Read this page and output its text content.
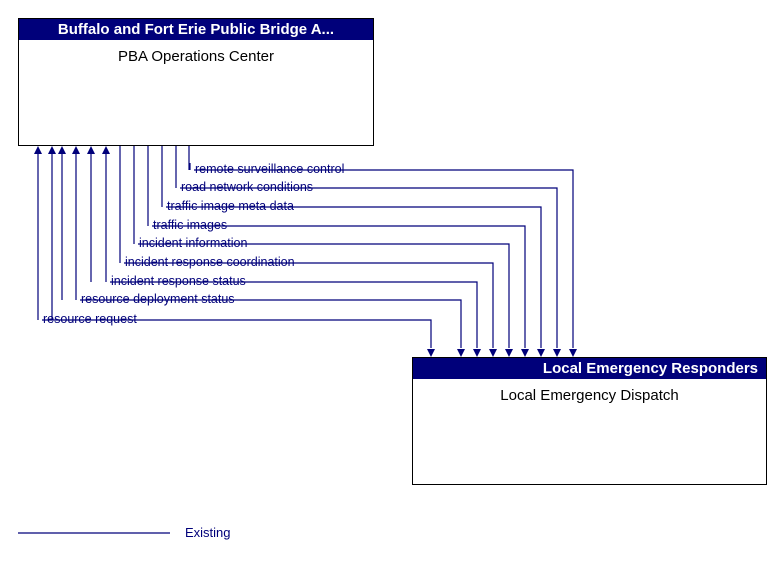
Buffalo and Fort Erie Public Bridge A...
PBA Operations Center
Local Emergency Responders
Local Emergency Dispatch
remote surveillance control
road network conditions
traffic image meta data
traffic images
incident information
incident response coordination
incident response status
resource deployment status
resource request
Existing
